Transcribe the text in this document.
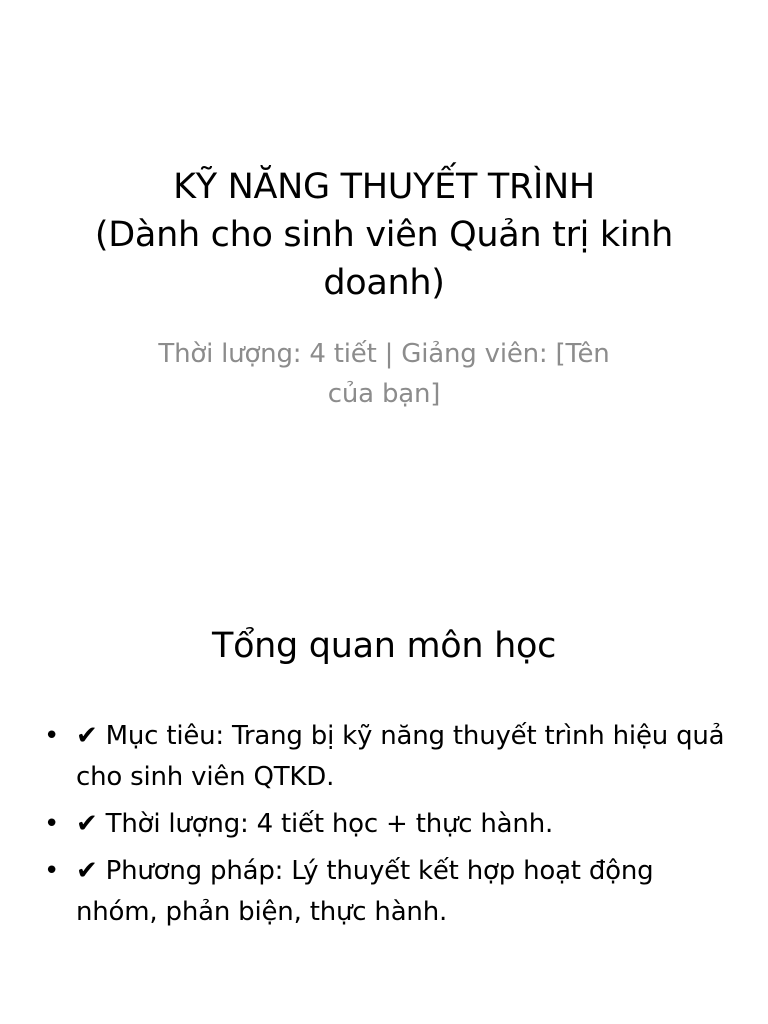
KỸ NĂNG THUYẾT TRÌNH
(Dành cho sinh viên Quản trị kinh
doanh)
Thời lượng: 4 tiết | Giảng viên: [Tên
của bạn]
Tổng quan môn học
• ✔ Mục tiêu: Trang bị kỹ năng thuyết trình hiệu quả cho sinh viên QTKD.
• ✔ Thời lượng: 4 tiết học + thực hành.
• ✔ Phương pháp: Lý thuyết kết hợp hoạt động nhóm, phản biện, thực hành.
